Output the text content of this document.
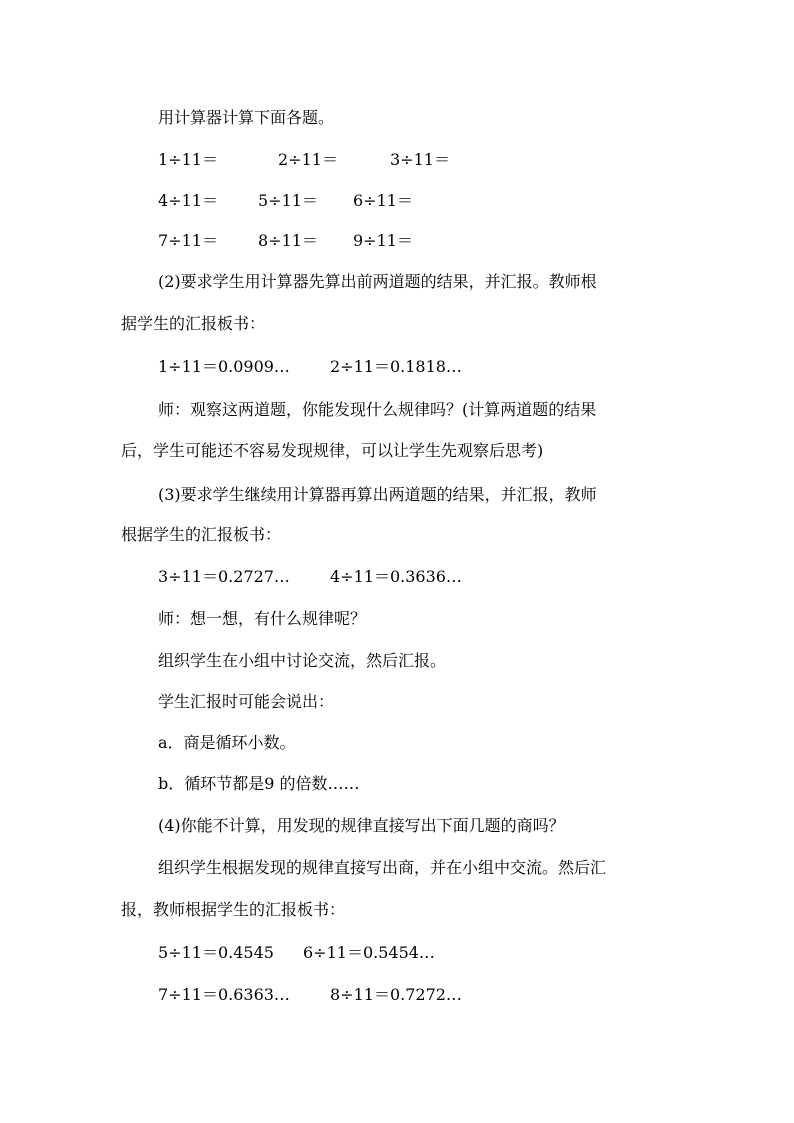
用计算器计算下面各题。
1÷11＝	2÷11＝	3÷11＝
4÷11＝	5÷11＝ 6÷11＝
7÷11＝	8÷11＝ 9÷11＝
(2)要求学生用计算器先算出前两道题的结果，并汇报。教师根
据学生的汇报板书：
1÷11＝0.0909…	2÷11＝0.1818…
师：观察这两道题，你能发现什么规律吗？(计算两道题的结果
后，学生可能还不容易发现规律，可以让学生先观察后思考)
(3)要求学生继续用计算器再算出两道题的结果，并汇报，教师
根据学生的汇报板书：
3÷11＝0.2727…	4÷11＝0.3636…
师：想一想，有什么规律呢？
组织学生在小组中讨论交流，然后汇报。
学生汇报时可能会说出：
a．商是循环小数。
b．循环节都是9 的倍数……
(4)你能不计算，用发现的规律直接写出下面几题的商吗？
组织学生根据发现的规律直接写出商，并在小组中交流。然后汇
报，教师根据学生的汇报板书：
5÷11＝0.4545 6÷11＝0.5454…
7÷11＝0.6363…	8÷11＝0.7272…
